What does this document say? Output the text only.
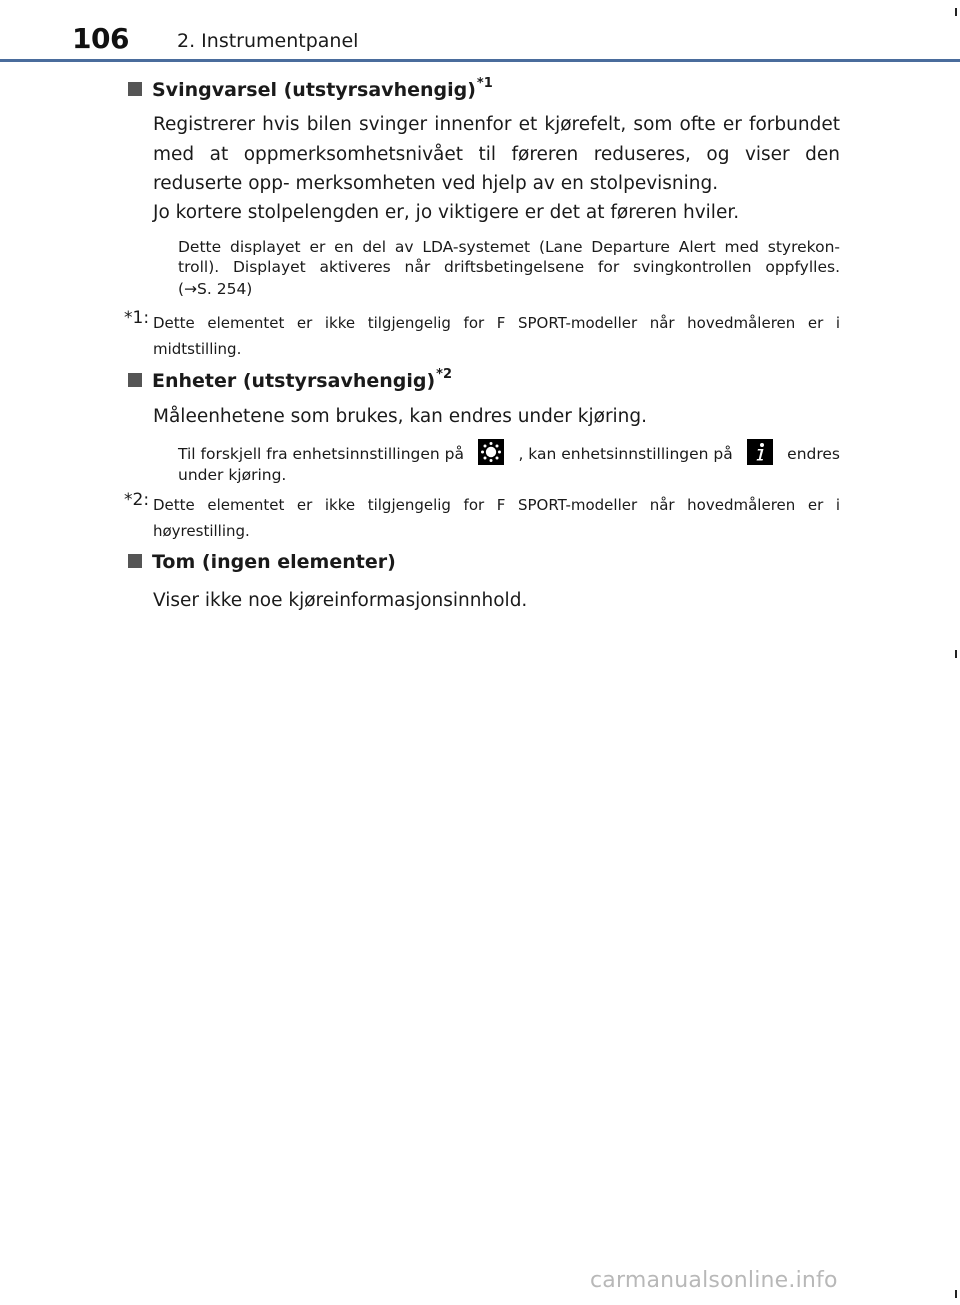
106	2. Instrumentpanel
Svingvarsel (utstyrsavhengig)$^{*1}$
Registrerer hvis bilen svinger innenfor et kjørefelt, som ofte er forbundet med at oppmerksomhetsnivået til føreren reduseres, og viser den reduserte opp- merksomheten ved hjelp av en stolpevisning.
Jo kortere stolpelengden er, jo viktigere er det at føreren hviler.
Dette displayet er en del av LDA-systemet (Lane Departure Alert med styrekon-
troll). Displayet aktiveres når driftsbetingelsene for svingkontrollen oppfylles.
(→S. 254)
*1: Dette elementet er ikke tilgjengelig for F SPORT-modeller når hovedmåleren er i
midtstilling.
Enheter (utstyrsavhengig)$^{*2}$
Måleenhetene som brukes, kan endres under kjøring.
Til forskjell fra enhetsinnstillingen på	, kan enhetsinnstillingen på	endres
under kjøring.
*2: Dette elementet er ikke tilgjengelig for F SPORT-modeller når hovedmåleren er i
høyrestilling.
Tom (ingen elementer)
Viser ikke noe kjøreinformasjonsinnhold.
carmanualsonline.info
